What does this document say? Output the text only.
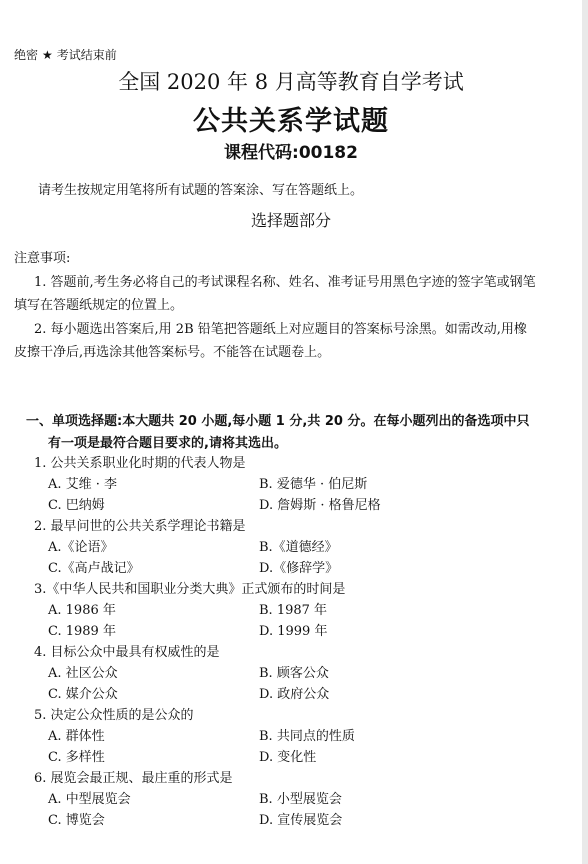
绝密 ★ 考试结束前
全国 2020 年 8 月高等教育自学考试
公共关系学试题
课程代码:00182
请考生按规定用笔将所有试题的答案涂、写在答题纸上。
选择题部分
注意事项:
1. 答题前,考生务必将自己的考试课程名称、姓名、准考证号用黑色字迹的签字笔或钢笔
填写在答题纸规定的位置上。
2. 每小题选出答案后,用 2B 铅笔把答题纸上对应题目的答案标号涂黑。如需改动,用橡
皮擦干净后,再选涂其他答案标号。不能答在试题卷上。
一、单项选择题:本大题共 20 小题,每小题 1 分,共 20 分。在每小题列出的备选项中只
有一项是最符合题目要求的,请将其选出。
1. 公共关系职业化时期的代表人物是
A. 艾维 · 李	B. 爱德华 · 伯尼斯
C. 巴纳姆	D. 詹姆斯 · 格鲁尼格
2. 最早问世的公共关系学理论书籍是
A.《论语》	B.《道德经》
C.《高卢战记》	D.《修辞学》
3.《中华人民共和国职业分类大典》正式颁布的时间是
A. 1986 年	B. 1987 年
C. 1989 年	D. 1999 年
4. 目标公众中最具有权威性的是
A. 社区公众	B. 顾客公众
C. 媒介公众	D. 政府公众
5. 决定公众性质的是公众的
A. 群体性	B. 共同点的性质
C. 多样性	D. 变化性
6. 展览会最正规、最庄重的形式是
A. 中型展览会	B. 小型展览会
C. 博览会	D. 宣传展览会
